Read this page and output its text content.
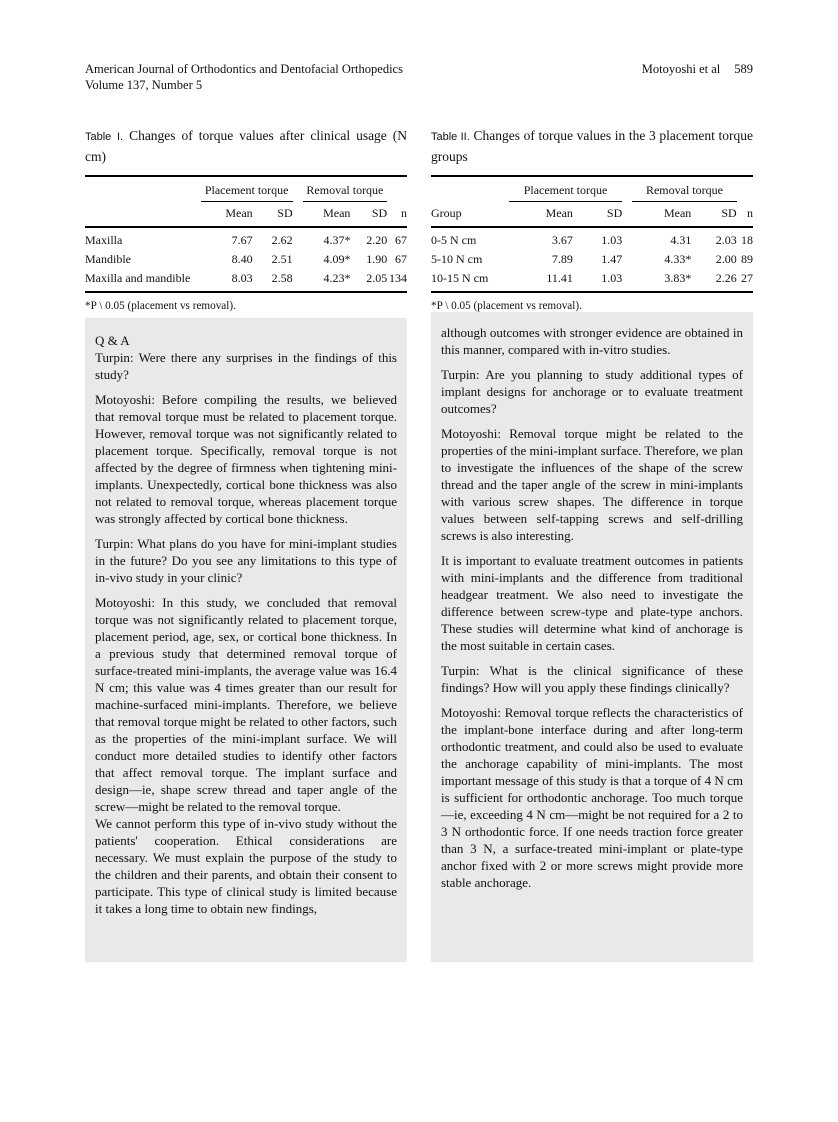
American Journal of Orthodontics and Dentofacial Orthopedics
Volume 137, Number 5
Motoyoshi et al 589

Table I. Changes of torque values after clinical usage (N cm)

	Placement torque			Removal torque		
	Mean	SD		Mean	SD	n
Maxilla	7.67	2.62		4.37*	2.20	67
Mandible	8.40	2.51		4.09*	1.90	67
Maxilla and mandible	8.03	2.58		4.23*	2.05	134

*P \ 0.05 (placement vs removal).

Table II. Changes of torque values in the 3 placement torque groups

	Placement torque			Removal torque		
Group	Mean	SD		Mean	SD	n
0-5 N cm	3.67	1.03		4.31	2.03	18
5-10 N cm	7.89	1.47		4.33*	2.00	89
10-15 N cm	11.41	1.03		3.83*	2.26	27

*P \ 0.05 (placement vs removal).

Q & A

Turpin: Were there any surprises in the findings of this study?

Motoyoshi: Before compiling the results, we believed that removal torque must be related to placement torque. However, removal torque was not significantly related to placement torque. Specifically, removal torque is not affected by the degree of firmness when tightening mini-implants. Unexpectedly, cortical bone thickness was also not related to removal torque, whereas placement torque was strongly affected by cortical bone thickness.

Turpin: What plans do you have for mini-implant studies in the future? Do you see any limitations to this type of in-vivo study in your clinic?

Motoyoshi: In this study, we concluded that removal torque was not significantly related to placement torque, placement period, age, sex, or cortical bone thickness. In a previous study that determined removal torque of surface-treated mini-implants, the average value was 16.4 N cm; this value was 4 times greater than our result for machine-surfaced mini-implants. Therefore, we believe that removal torque might be related to other factors, such as the properties of the mini-implant surface. We will conduct more detailed studies to identify other factors that affect removal torque. The implant surface and design—ie, shape screw thread and taper angle of the screw—might be related to the removal torque.

We cannot perform this type of in-vivo study without the patients' cooperation. Ethical considerations are necessary. We must explain the purpose of the study to the children and their parents, and obtain their consent to participate. This type of clinical study is limited because it takes a long time to obtain new findings,

although outcomes with stronger evidence are obtained in this manner, compared with in-vitro studies.

Turpin: Are you planning to study additional types of implant designs for anchorage or to evaluate treatment outcomes?

Motoyoshi: Removal torque might be related to the properties of the mini-implant surface. Therefore, we plan to investigate the influences of the shape of the screw thread and the taper angle of the screw in mini-implants with various screw shapes. The difference in torque values between self-tapping screws and self-drilling screws is also interesting.

It is important to evaluate treatment outcomes in patients with mini-implants and the difference from traditional headgear treatment. We also need to investigate the difference between screw-type and plate-type anchors. These studies will determine what kind of anchorage is the most suitable in certain cases.

Turpin: What is the clinical significance of these findings? How will you apply these findings clinically?

Motoyoshi: Removal torque reflects the characteristics of the implant-bone interface during and after long-term orthodontic treatment, and could also be used to evaluate the anchorage capability of mini-implants. The most important message of this study is that a torque of 4 N cm is sufficient for orthodontic anchorage. Too much torque—ie, exceeding 4 N cm—might be not required for a 2 to 3 N orthodontic force. If one needs traction force greater than 3 N, a surface-treated mini-implant or plate-type anchor fixed with 2 or more screws might provide more stable anchorage.
